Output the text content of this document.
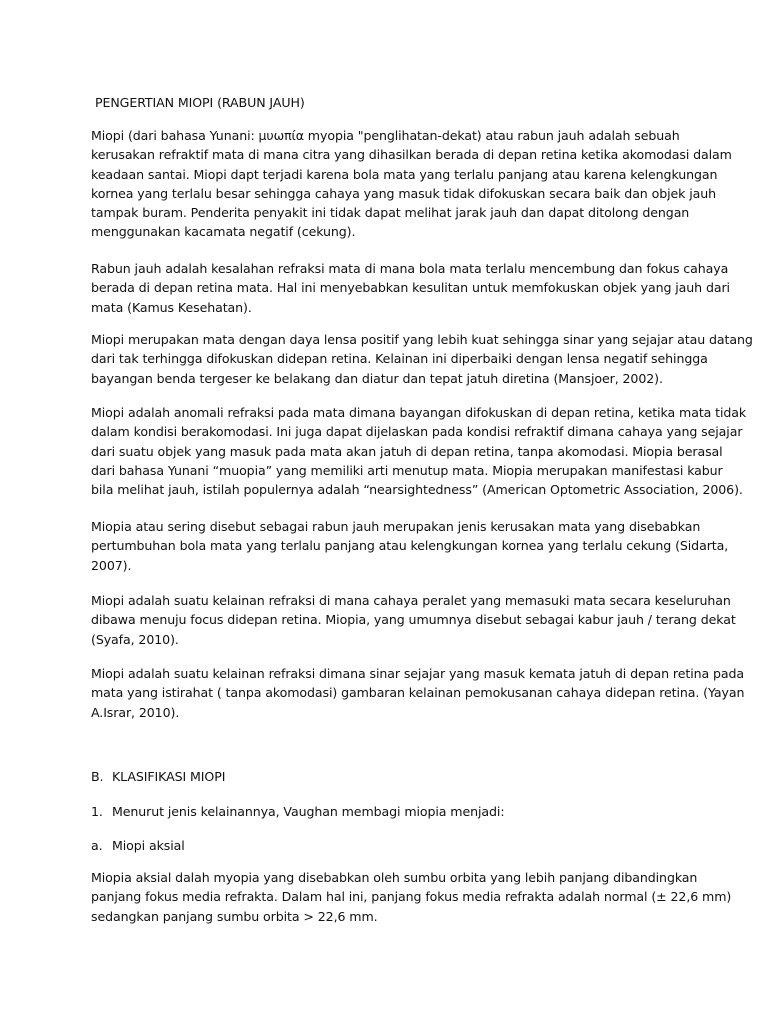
PENGERTIAN MIOPI (RABUN JAUH)
Miopi (dari bahasa Yunani: μυωπία myopia "penglihatan-dekat) atau rabun jauh adalah sebuah
kerusakan refraktif mata di mana citra yang dihasilkan berada di depan retina ketika akomodasi dalam
keadaan santai. Miopi dapt terjadi karena bola mata yang terlalu panjang atau karena kelengkungan
kornea yang terlalu besar sehingga cahaya yang masuk tidak difokuskan secara baik dan objek jauh
tampak buram. Penderita penyakit ini tidak dapat melihat jarak jauh dan dapat ditolong dengan
menggunakan kacamata negatif (cekung).
Rabun jauh adalah kesalahan refraksi mata di mana bola mata terlalu mencembung dan fokus cahaya
berada di depan retina mata. Hal ini menyebabkan kesulitan untuk memfokuskan objek yang jauh dari
mata (Kamus Kesehatan).
Miopi merupakan mata dengan daya lensa positif yang lebih kuat sehingga sinar yang sejajar atau datang
dari tak terhingga difokuskan didepan retina. Kelainan ini diperbaiki dengan lensa negatif sehingga
bayangan benda tergeser ke belakang dan diatur dan tepat jatuh diretina (Mansjoer, 2002).
Miopi adalah anomali refraksi pada mata dimana bayangan difokuskan di depan retina, ketika mata tidak
dalam kondisi berakomodasi. Ini juga dapat dijelaskan pada kondisi refraktif dimana cahaya yang sejajar
dari suatu objek yang masuk pada mata akan jatuh di depan retina, tanpa akomodasi. Miopia berasal
dari bahasa Yunani “muopia” yang memiliki arti menutup mata. Miopia merupakan manifestasi kabur
bila melihat jauh, istilah populernya adalah “nearsightedness” (American Optometric Association, 2006).
Miopia atau sering disebut sebagai rabun jauh merupakan jenis kerusakan mata yang disebabkan
pertumbuhan bola mata yang terlalu panjang atau kelengkungan kornea yang terlalu cekung (Sidarta,
2007).
Miopi adalah suatu kelainan refraksi di mana cahaya peralet yang memasuki mata secara keseluruhan
dibawa menuju focus didepan retina. Miopia, yang umumnya disebut sebagai kabur jauh / terang dekat
(Syafa, 2010).
Miopi adalah suatu kelainan refraksi dimana sinar sejajar yang masuk kemata jatuh di depan retina pada
mata yang istirahat ( tanpa akomodasi) gambaran kelainan pemokusanan cahaya didepan retina. (Yayan
A.Israr, 2010).
B. KLASIFIKASI MIOPI
1. Menurut jenis kelainannya, Vaughan membagi miopia menjadi:
a. Miopi aksial
Miopia aksial dalah myopia yang disebabkan oleh sumbu orbita yang lebih panjang dibandingkan
panjang fokus media refrakta. Dalam hal ini, panjang fokus media refrakta adalah normal (± 22,6 mm)
sedangkan panjang sumbu orbita > 22,6 mm.
